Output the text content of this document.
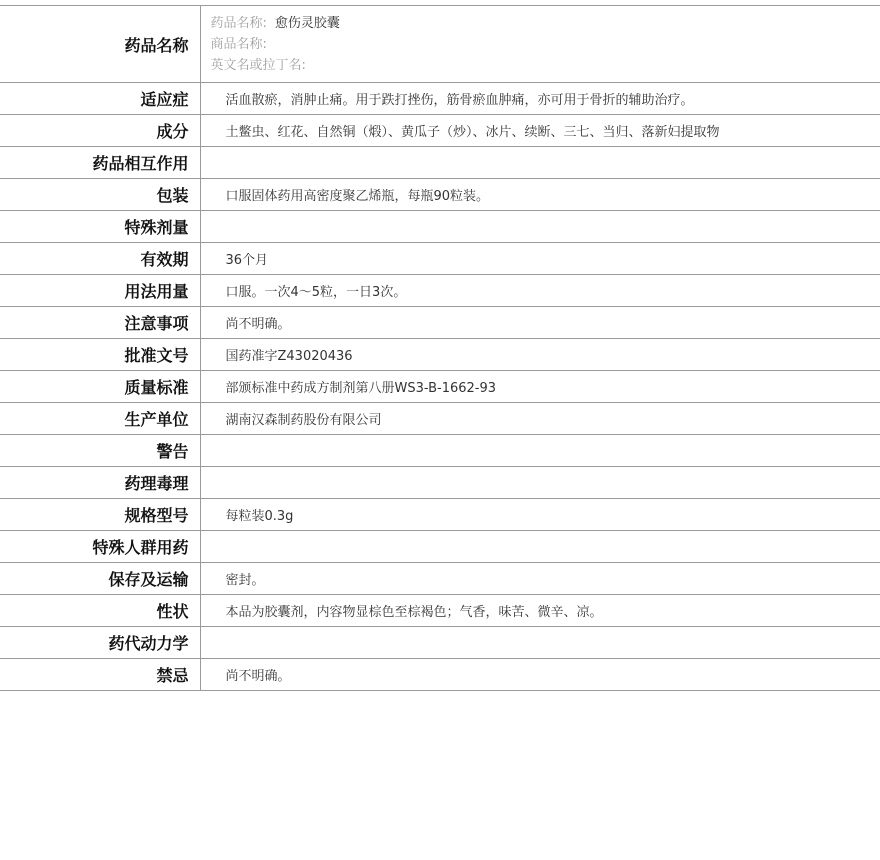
药品名称	药品名称: 愈伤灵胶囊
商品名称:
英文名或拉丁名:

适应症	活血散瘀，消肿止痛。用于跌打挫伤，筋骨瘀血肿痛，亦可用于骨折的辅助治疗。
成分	土鳖虫、红花、自然铜（煅）、黄瓜子（炒）、冰片、续断、三七、当归、落新妇提取物
药品相互作用	
包装	口服固体药用高密度聚乙烯瓶，每瓶90粒装。
特殊剂量	
有效期	36个月
用法用量	口服。一次4～5粒，一日3次。
注意事项	尚不明确。
批准文号	国药准字Z43020436
质量标准	部颁标准中药成方制剂第八册WS3-B-1662-93
生产单位	湖南汉森制药股份有限公司
警告	
药理毒理	
规格型号	每粒装0.3g
特殊人群用药	
保存及运输	密封。
性状	本品为胶囊剂，内容物显棕色至棕褐色；气香，味苦、微辛、凉。
药代动力学	
禁忌	尚不明确。
